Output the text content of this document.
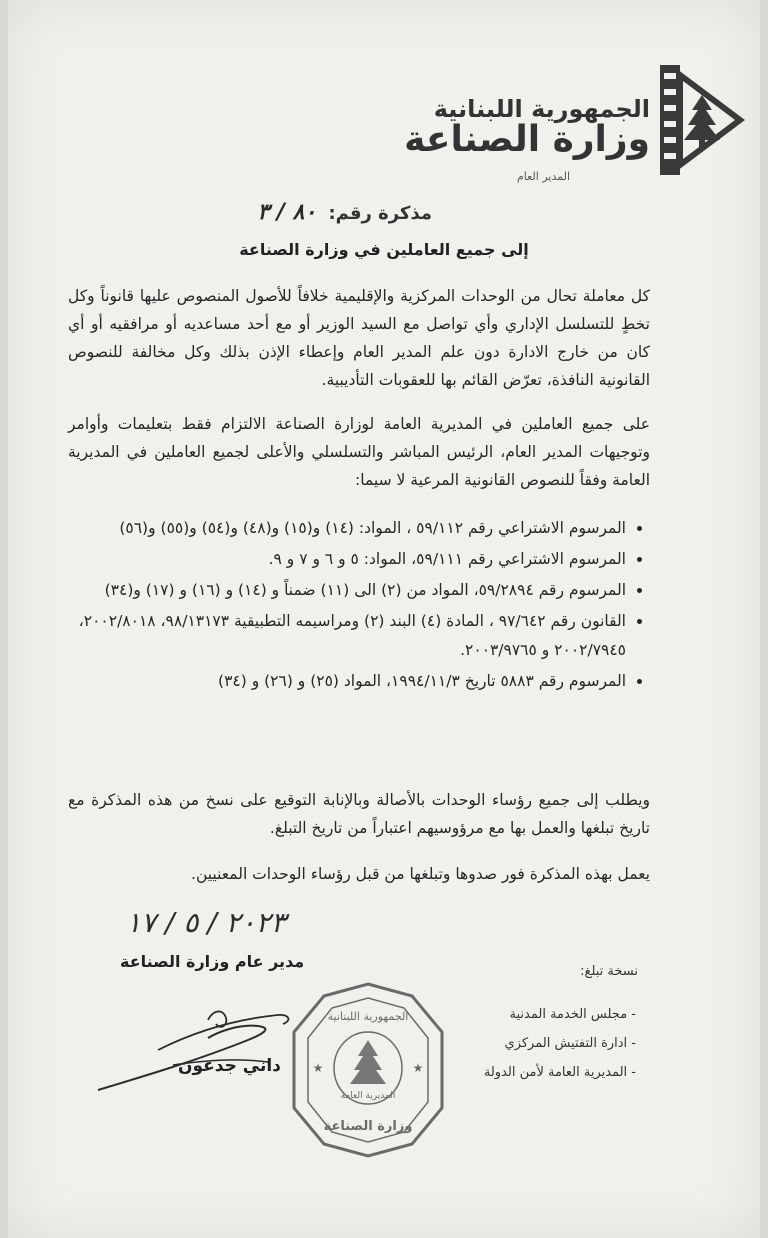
الجمهورية اللبنانية
وزارة الصناعة
المدير العام
مذكرة رقم: ٨٠ / ٣
إلى جميع العاملين في وزارة الصناعة
كل معاملة تحال من الوحدات المركزية والإقليمية خلافاً للأصول المنصوص عليها قانوناً وكل تخطٍ للتسلسل الإداري وأي تواصل مع السيد الوزير أو مع أحد مساعديه أو مرافقيه أو أي كان من خارج الادارة دون علم المدير العام وإعطاء الإذن بذلك وكل مخالفة للنصوص القانونية النافذة، تعرّض القائم بها للعقوبات التأديبية.
على جميع العاملين في المديرية العامة لوزارة الصناعة الالتزام فقط بتعليمات وأوامر وتوجيهات المدير العام، الرئيس المباشر والتسلسلي والأعلى لجميع العاملين في المديرية العامة وفقاً للنصوص القانونية المرعية لا سيما:
• المرسوم الاشتراعي رقم ٥٩/١١٢ ، المواد: (١٤) و(١٥) و(٤٨) و(٥٤) و(٥٥) و(٥٦)
• المرسوم الاشتراعي رقم ٥٩/١١١، المواد: ٥ و ٦ و ٧ و ٩.
• المرسوم رقم ٥٩/٢٨٩٤، المواد من (٢) الى (١١) ضمناً و (١٤) و (١٦) و (١٧) و(٣٤)
• القانون رقم ٩٧/٦٤٢ ، المادة (٤) البند (٢) ومراسيمه التطبيقية ٩٨/١٣١٧٣، ٢٠٠٢/٨٠١٨، ٢٠٠٢/٧٩٤٥ و ٢٠٠٣/٩٧٦٥.
• المرسوم رقم ٥٨٨٣ تاريخ ١٩٩٤/١١/٣، المواد (٢٥) و (٢٦) و (٣٤)
ويطلب إلى جميع رؤساء الوحدات بالأصالة وبالإنابة التوقيع على نسخ من هذه المذكرة مع تاريخ تبلغها والعمل بها مع مرؤوسيهم اعتباراً من تاريخ التبلغ.
يعمل بهذه المذكرة فور صدوها وتبلغها من قبل رؤساء الوحدات المعنيين.
٢٠٢٣ / ٥ / ١٧
مدير عام وزارة الصناعة
داني جدعون
الجمهورية اللبنانية
المديرية العامة
وزارة الصناعة
★	★
نسخة تبلغ:
- مجلس الخدمة المدنية
- ادارة التفتيش المركزي
- المديرية العامة لأمن الدولة
